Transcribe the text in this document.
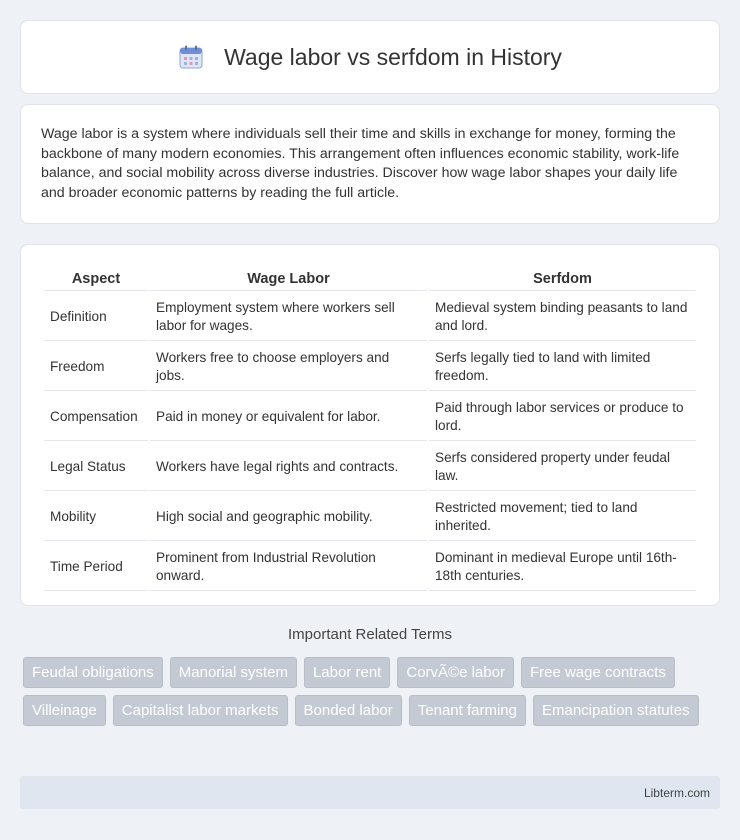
Wage labor vs serfdom in History

Wage labor is a system where individuals sell their time and skills in exchange for money, forming the backbone of many modern economies. This arrangement often influences economic stability, work-life balance, and social mobility across diverse industries. Discover how wage labor shapes your daily life and broader economic patterns by reading the full article.

Aspect	Wage Labor	Serfdom
Definition	Employment system where workers sell labor for wages.	Medieval system binding peasants to land and lord.
Freedom	Workers free to choose employers and jobs.	Serfs legally tied to land with limited freedom.
Compensation	Paid in money or equivalent for labor.	Paid through labor services or produce to lord.
Legal Status	Workers have legal rights and contracts.	Serfs considered property under feudal law.
Mobility	High social and geographic mobility.	Restricted movement; tied to land inherited.
Time Period	Prominent from Industrial Revolution onward.	Dominant in medieval Europe until 16th-18th centuries.
Important Related Terms
Feudal obligations	Manorial system	Labor rent	CorvÃ©e labor	Free wage contracts
Villeinage	Capitalist labor markets	Bonded labor	Tenant farming	Emancipation statutes
Libterm.com
